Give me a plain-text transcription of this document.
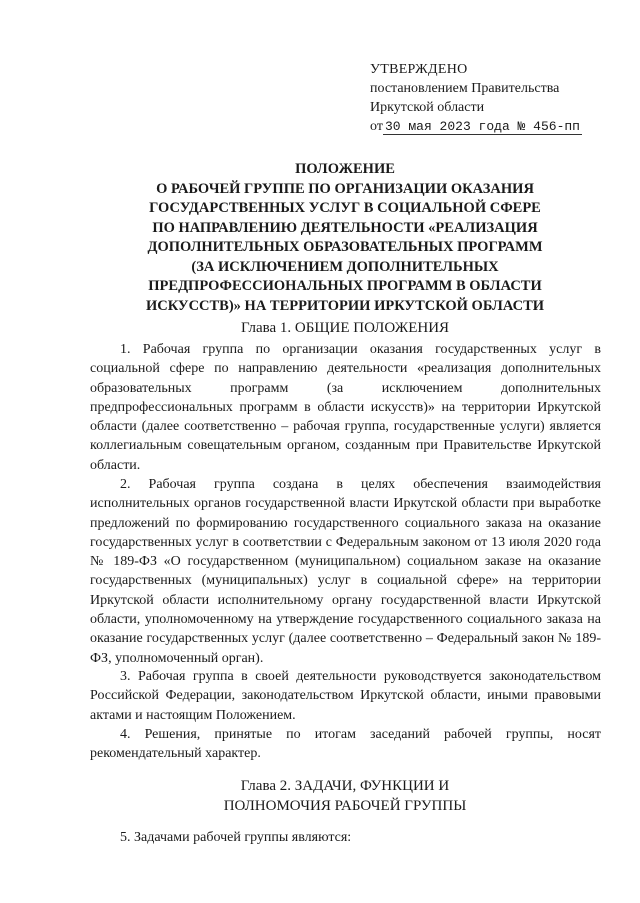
УТВЕРЖДЕНО
постановлением Правительства
Иркутской области
от 30 мая 2023 года № 456-пп
ПОЛОЖЕНИЕ
О РАБОЧЕЙ ГРУППЕ ПО ОРГАНИЗАЦИИ ОКАЗАНИЯ
ГОСУДАРСТВЕННЫХ УСЛУГ В СОЦИАЛЬНОЙ СФЕРЕ
ПО НАПРАВЛЕНИЮ ДЕЯТЕЛЬНОСТИ «РЕАЛИЗАЦИЯ
ДОПОЛНИТЕЛЬНЫХ ОБРАЗОВАТЕЛЬНЫХ ПРОГРАММ
(ЗА ИСКЛЮЧЕНИЕМ ДОПОЛНИТЕЛЬНЫХ
ПРЕДПРОФЕССИОНАЛЬНЫХ ПРОГРАММ В ОБЛАСТИ
ИСКУССТВ)» НА ТЕРРИТОРИИ ИРКУТСКОЙ ОБЛАСТИ
Глава 1. ОБЩИЕ ПОЛОЖЕНИЯ

1. Рабочая группа по организации оказания государственных услуг в социальной сфере по направлению деятельности «реализация дополнительных образовательных программ (за исключением дополнительных предпрофессиональных программ в области искусств)» на территории Иркутской области (далее соответственно – рабочая группа, государственные услуги) является коллегиальным совещательным органом, созданным при Правительстве Иркутской области.

2. Рабочая группа создана в целях обеспечения взаимодействия исполнительных органов государственной власти Иркутской области при выработке предложений по формированию государственного социального заказа на оказание государственных услуг в соответствии с Федеральным законом от 13 июля 2020 года № 189-ФЗ «О государственном (муниципальном) социальном заказе на оказание государственных (муниципальных) услуг в социальной сфере» на территории Иркутской области исполнительному органу государственной власти Иркутской области, уполномоченному на утверждение государственного социального заказа на оказание государственных услуг (далее соответственно – Федеральный закон № 189-ФЗ, уполномоченный орган).

3. Рабочая группа в своей деятельности руководствуется законодательством Российской Федерации, законодательством Иркутской области, иными правовыми актами и настоящим Положением.

4. Решения, принятые по итогам заседаний рабочей группы, носят рекомендательный характер.

Глава 2. ЗАДАЧИ, ФУНКЦИИ И
ПОЛНОМОЧИЯ РАБОЧЕЙ ГРУППЫ

5. Задачами рабочей группы являются:
